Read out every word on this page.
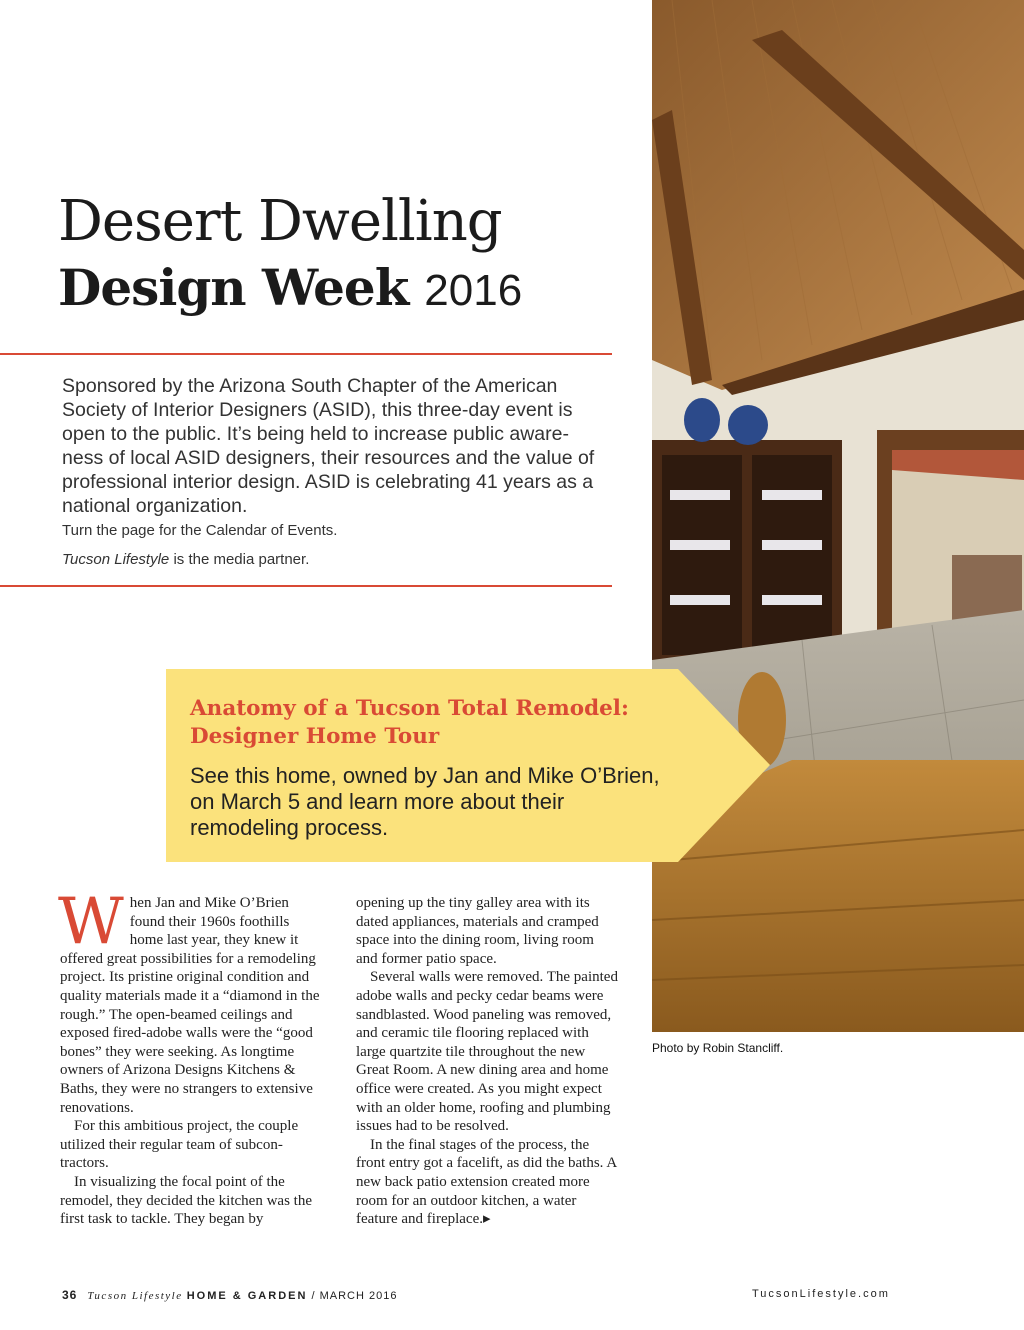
Desert Dwelling
Design Week 2016

Sponsored by the Arizona South Chapter of the American Society of Interior Designers (ASID), this three-day event is open to the public. It’s being held to increase public awareness of local ASID designers, their resources and the value of professional interior design. ASID is celebrating 41 years as a national organization.

Turn the page for the Calendar of Events.

Tucson Lifestyle is the media partner.

Photo by Robin Stancliff.
Anatomy of a Tucson Total Remodel: Designer Home Tour

See this home, owned by Jan and Mike O’Brien, on March 5 and learn more about their remodeling process.

When Jan and Mike O’Brien found their 1960s foothills home last year, they knew it offered great possibilities for a remodeling project. Its pristine original condition and quality materials made it a “diamond in the rough.” The open-beamed ceilings and exposed fired-adobe walls were the “good bones” they were seeking. As longtime owners of Arizona Designs Kitchens & Baths, they were no strangers to extensive renovations.

For this ambitious project, the couple utilized their regular team of subcontractors.

In visualizing the focal point of the remodel, they decided the kitchen was the first task to tackle. They began by

opening up the tiny galley area with its dated appliances, materials and cramped space into the dining room, living room and former patio space.

Several walls were removed. The painted adobe walls and pecky cedar beams were sandblasted. Wood paneling was removed, and ceramic tile flooring replaced with large quartzite tile throughout the new Great Room. A new dining area and home office were created. As you might expect with an older home, roofing and plumbing issues had to be resolved.

In the final stages of the process, the front entry got a facelift, as did the baths. A new back patio extension created more room for an outdoor kitchen, a water feature and fireplace.▸

36 Tucson Lifestyle HOME & GARDEN / MARCH 2016	TucsonLifestyle.com
